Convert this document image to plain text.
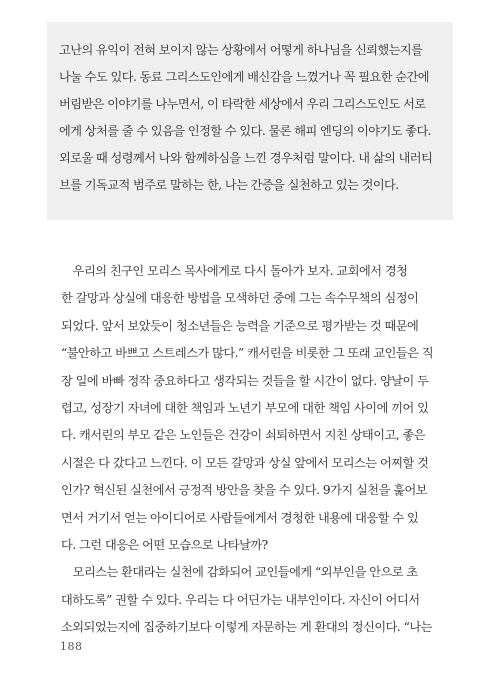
고난의 유익이 전혀 보이지 않는 상황에서 어떻게 하나님을 신뢰했는지를
나눌 수도 있다. 동료 그리스도인에게 배신감을 느꼈거나 꼭 필요한 순간에
버림받은 이야기를 나누면서, 이 타락한 세상에서 우리 그리스도인도 서로
에게 상처를 줄 수 있음을 인정할 수 있다. 물론 해피 엔딩의 이야기도 좋다.
외로울 때 성령께서 나와 함께하심을 느낀 경우처럼 말이다. 내 삶의 내러티
브를 기독교적 범주로 말하는 한, 나는 간증을 실천하고 있는 것이다.
　우리의 친구인 모리스 목사에게로 다시 돌아가 보자. 교회에서 경청
한 갈망과 상실에 대응한 방법을 모색하던 중에 그는 속수무책의 심정이
되었다. 앞서 보았듯이 청소년들은 능력을 기준으로 평가받는 것 때문에
“불안하고 바쁘고 스트레스가 많다.” 캐서린을 비롯한 그 또래 교인들은 직
장 일에 바빠 정작 중요하다고 생각되는 것들을 할 시간이 없다. 양날이 두
렵고, 성장기 자녀에 대한 책임과 노년기 부모에 대한 책임 사이에 끼어 있
다. 캐서린의 부모 같은 노인들은 건강이 쇠퇴하면서 지친 상태이고, 좋은
시절은 다 갔다고 느낀다. 이 모든 갈망과 상실 앞에서 모리스는 어찌할 것
인가? 혁신된 실천에서 긍정적 방안을 찾을 수 있다. 9가지 실천을 훑어보
면서 거기서 얻는 아이디어로 사람들에게서 경청한 내용에 대응할 수 있
다. 그런 대응은 어떤 모습으로 나타날까?
　모리스는 환대라는 실천에 감화되어 교인들에게 “외부인을 안으로 초
대하도록” 권할 수 있다. 우리는 다 어딘가는 내부인이다. 자신이 어디서
소외되었는지에 집중하기보다 이렇게 자문하는 게 환대의 정신이다. “나는
188
